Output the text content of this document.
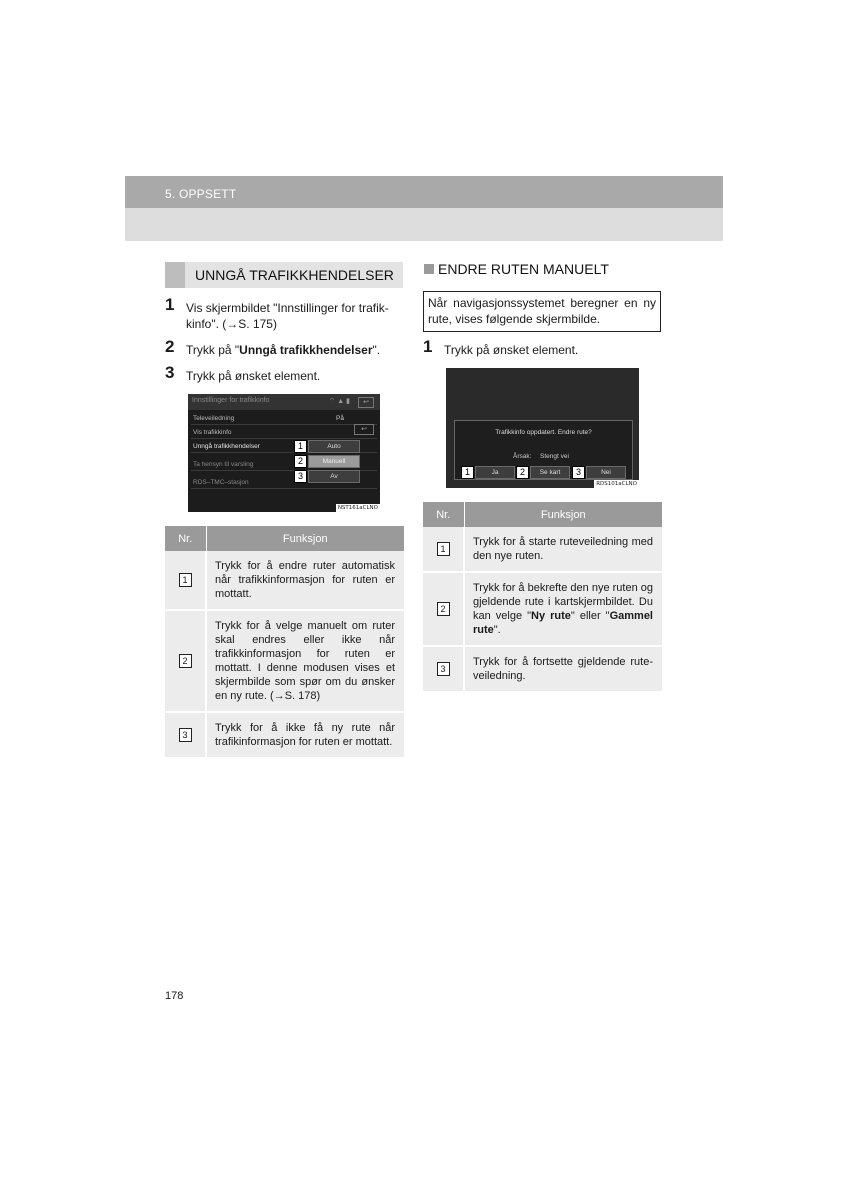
5. OPPSETT
UNNGÅ TRAFIKKHENDELSER
1 Vis skjermbildet "Innstillinger for trafik-kinfo". (→S. 175)
2 Trykk på "Unngå trafikkhendelser".
3 Trykk på ønsket element.
Innstillinger for trafikkinfo	⌔ ▲ ▮	↩
Televeiledning	På
Vis trafikkinfo	↩
Unngå trafikkhendelser
Ta hensyn til varsling
RDS–TMC–stasjon
1	Auto
2	Manuell
3	Av
NST161aCLNO
Nr.	Funksjon
1	Trykk for å endre ruter automatisk når trafikkinformasjon for ruten er mottatt.
2	Trykk for å velge manuelt om ruter skal endres eller ikke når trafikkinformasjon for ruten er mottatt. I denne modusen vises et skjermbilde som spør om du ønsker en ny rute. (→S. 178)
3	Trykk for å ikke få ny rute når trafikinformasjon for ruten er mottatt.
ENDRE RUTEN MANUELT
Når navigasjonssystemet beregner en ny rute, vises følgende skjermbilde.
1 Trykk på ønsket element.
Trafikkinfo oppdatert. Endre rute?
Årsak: Stengt vei
1	Ja	2	Se kart	3	Nei
RDS101aCLNO
Nr.	Funksjon
1	Trykk for å starte ruteveiledning med den nye ruten.
2	Trykk for å bekrefte den nye ruten og gjeldende rute i kartskjermbildet. Du kan velge "Ny rute" eller "Gammel rute".
3	Trykk for å fortsette gjeldende rute-veiledning.
178
